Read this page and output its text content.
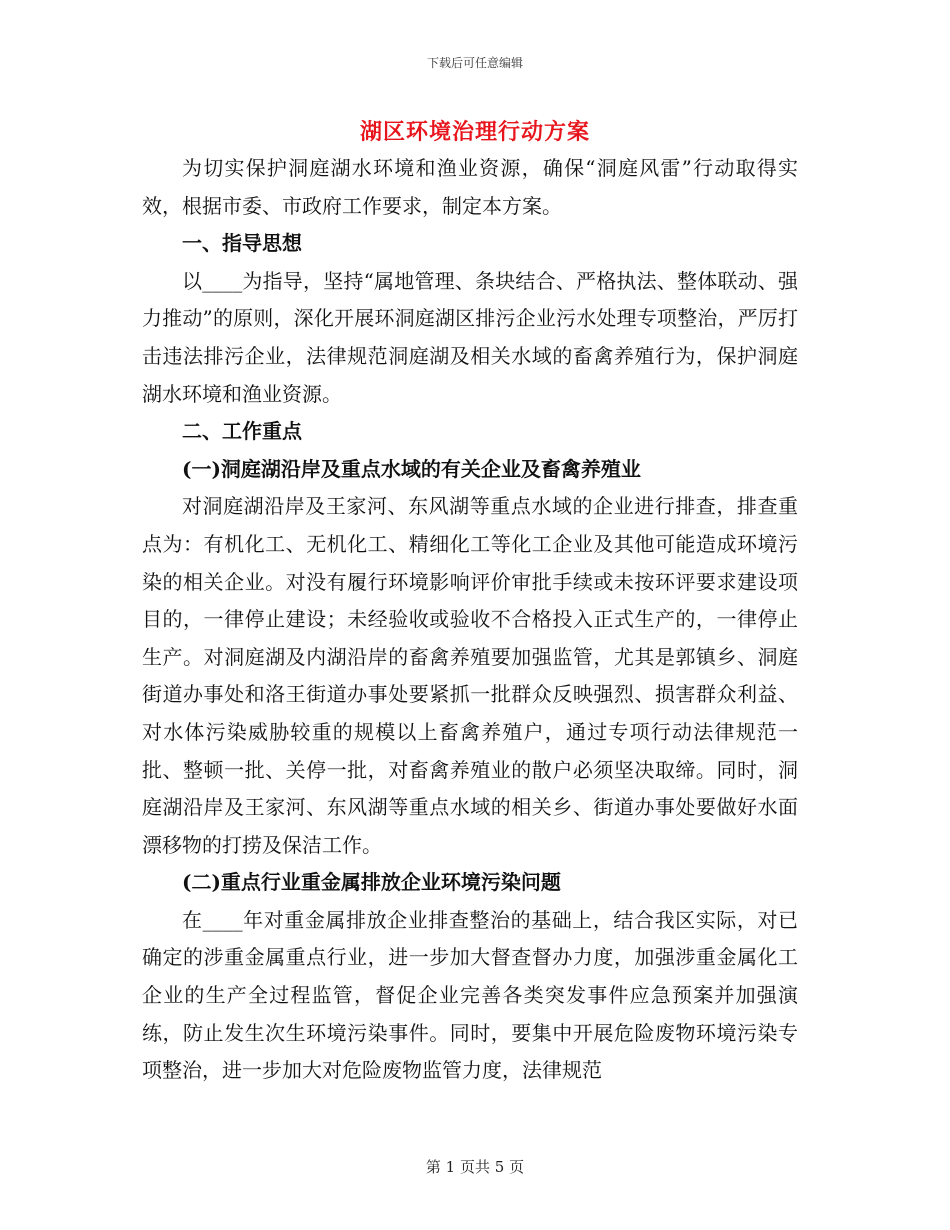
下载后可任意编辑
湖区环境治理行动方案

为切实保护洞庭湖水环境和渔业资源，确保“洞庭风雷”行动取得实效，根据市委、市政府工作要求，制定本方案。

一、指导思想

以____为指导，坚持“属地管理、条块结合、严格执法、整体联动、强力推动”的原则，深化开展环洞庭湖区排污企业污水处理专项整治，严厉打击违法排污企业，法律规范洞庭湖及相关水域的畜禽养殖行为，保护洞庭湖水环境和渔业资源。

二、工作重点

(一)洞庭湖沿岸及重点水域的有关企业及畜禽养殖业

对洞庭湖沿岸及王家河、东风湖等重点水域的企业进行排查，排查重点为：有机化工、无机化工、精细化工等化工企业及其他可能造成环境污染的相关企业。对没有履行环境影响评价审批手续或未按环评要求建设项目的，一律停止建设；未经验收或验收不合格投入正式生产的，一律停止生产。对洞庭湖及内湖沿岸的畜禽养殖要加强监管，尤其是郭镇乡、洞庭街道办事处和洛王街道办事处要紧抓一批群众反映强烈、损害群众利益、对水体污染威胁较重的规模以上畜禽养殖户，通过专项行动法律规范一批、整顿一批、关停一批，对畜禽养殖业的散户必须坚决取缔。同时，洞庭湖沿岸及王家河、东风湖等重点水域的相关乡、街道办事处要做好水面漂移物的打捞及保洁工作。

(二)重点行业重金属排放企业环境污染问题

在____年对重金属排放企业排查整治的基础上，结合我区实际，对已确定的涉重金属重点行业，进一步加大督查督办力度，加强涉重金属化工企业的生产全过程监管，督促企业完善各类突发事件应急预案并加强演练，防止发生次生环境污染事件。同时，要集中开展危险废物环境污染专项整治，进一步加大对危险废物监管力度，法律规范

第 1 页共 5 页
